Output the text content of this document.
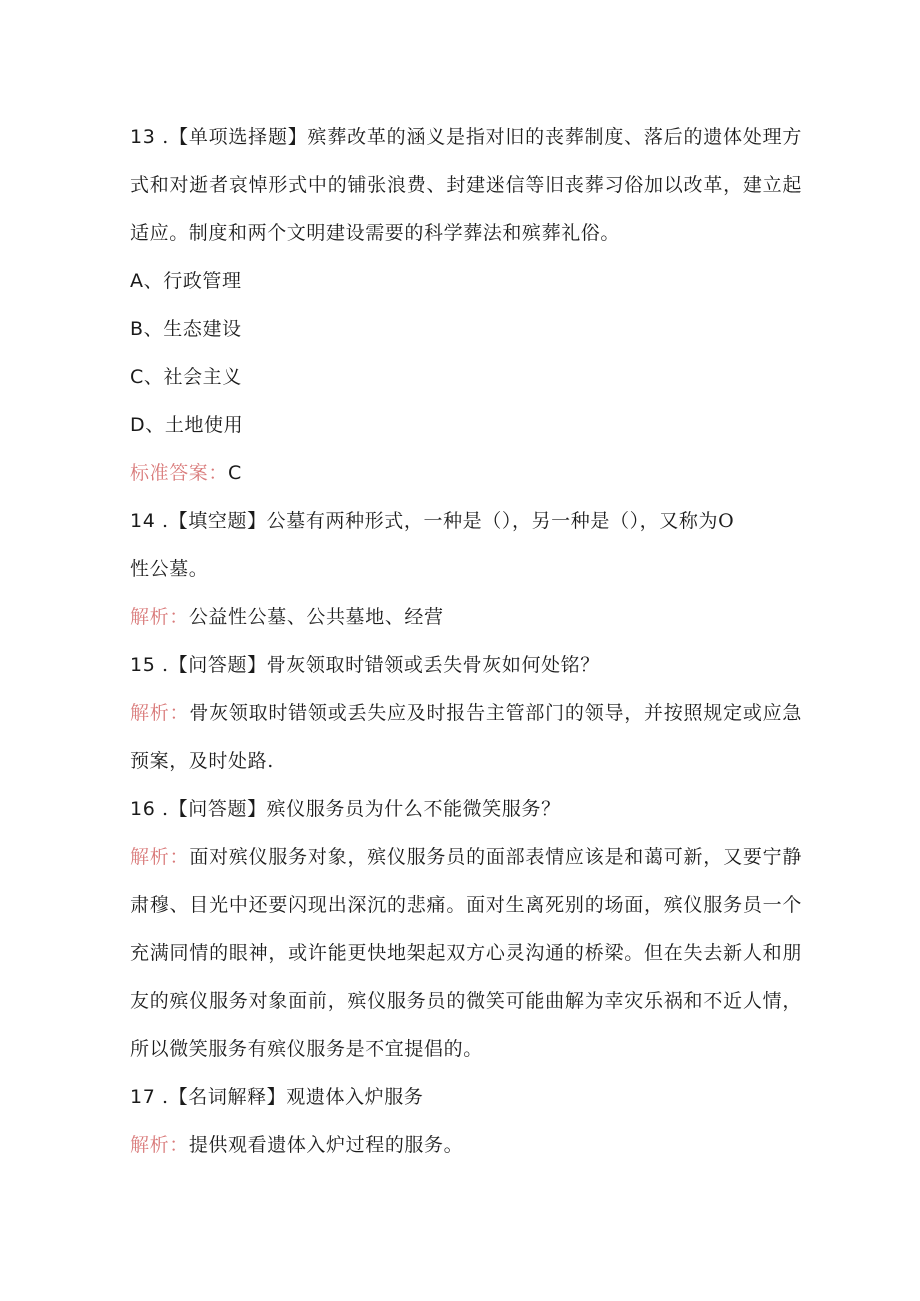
13 .【单项选择题】殡葬改革的涵义是指对旧的丧葬制度、落后的遗体处理方式和对逝者哀悼形式中的铺张浪费、封建迷信等旧丧葬习俗加以改革，建立起适应。制度和两个文明建设需要的科学葬法和殡葬礼俗。

A、行政管理

B、生态建设

C、社会主义

D、土地使用

标准答案：C

14 .【填空题】公墓有两种形式，一种是（），另一种是（），又称为O

性公墓。

解析：公益性公墓、公共墓地、经营

15 .【问答题】骨灰领取时错领或丢失骨灰如何处铭？

解析：骨灰领取时错领或丢失应及时报告主管部门的领导，并按照规定或应急预案，及时处路.

16 .【问答题】殡仪服务员为什么不能微笑服务？

解析：面对殡仪服务对象，殡仪服务员的面部表情应该是和蔼可新，又要宁静肃穆、目光中还要闪现出深沉的悲痛。面对生离死别的场面，殡仪服务员一个充满同情的眼神，或许能更快地架起双方心灵沟通的桥梁。但在失去新人和朋友的殡仪服务对象面前，殡仪服务员的微笑可能曲解为幸灾乐祸和不近人情，所以微笑服务有殡仪服务是不宜提倡的。

17 .【名词解释】观遗体入炉服务

解析：提供观看遗体入炉过程的服务。
